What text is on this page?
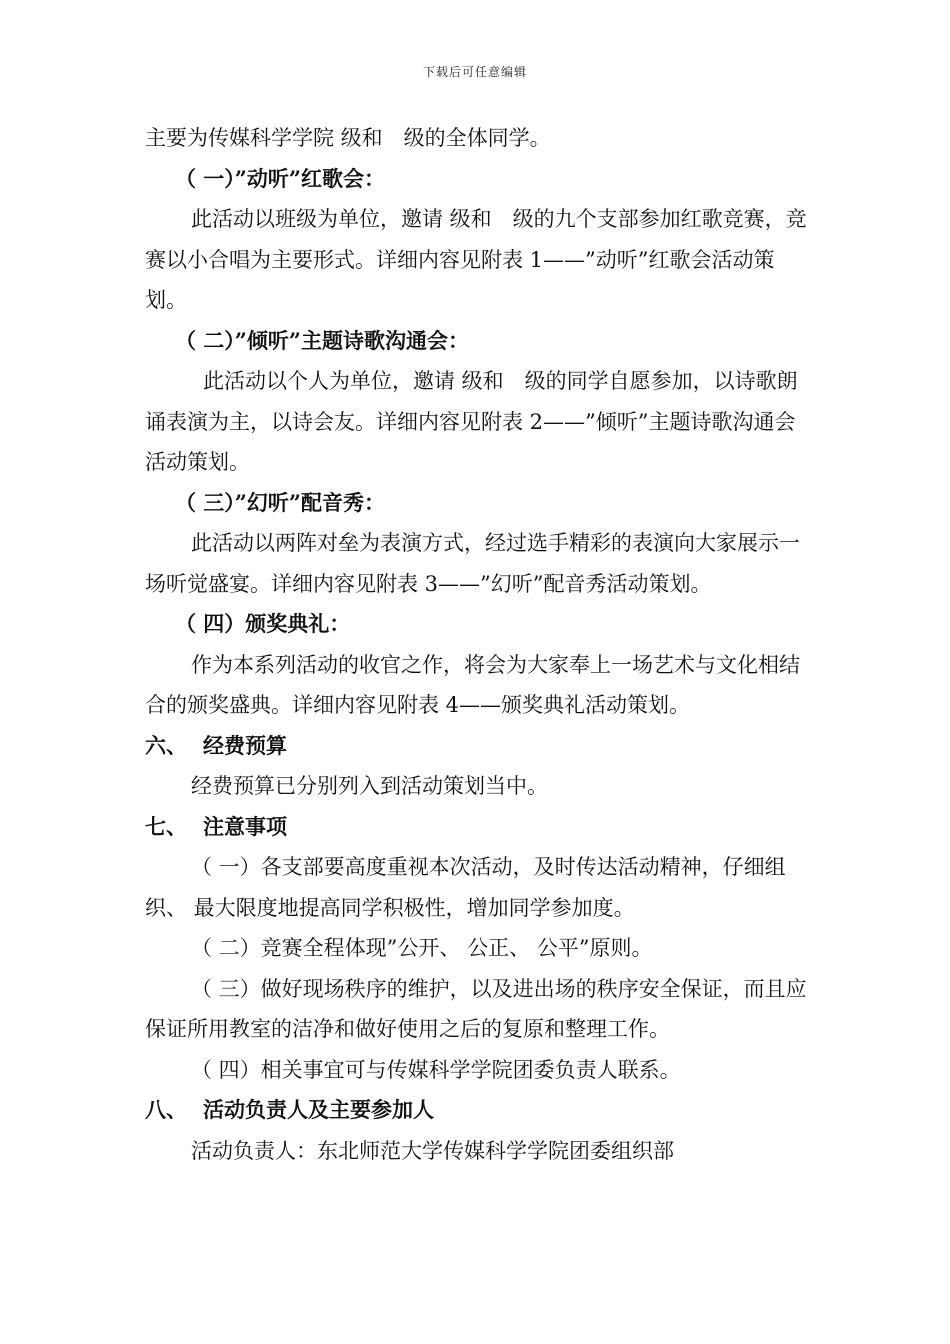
下载后可任意编辑

主要为传媒科学学院 级和　级的全体同学。

（ 一）”动听”红歌会：

此活动以班级为单位，邀请 级和　级的九个支部参加红歌竞赛，竞赛以小合唱为主要形式。详细内容见附表 1——”动听”红歌会活动策划。

（ 二）”倾听”主题诗歌沟通会：

此活动以个人为单位，邀请 级和　级的同学自愿参加，以诗歌朗诵表演为主，以诗会友。详细内容见附表 2——”倾听”主题诗歌沟通会活动策划。

（ 三）”幻听”配音秀：

此活动以两阵对垒为表演方式，经过选手精彩的表演向大家展示一场听觉盛宴。详细内容见附表 3——”幻听”配音秀活动策划。

（ 四）颁奖典礼：

作为本系列活动的收官之作，将会为大家奉上一场艺术与文化相结合的颁奖盛典。详细内容见附表 4——颁奖典礼活动策划。

六、 经费预算

经费预算已分别列入到活动策划当中。

七、 注意事项

（ 一）各支部要高度重视本次活动，及时传达活动精神，仔细组织、 最大限度地提高同学积极性，增加同学参加度。

（ 二）竞赛全程体现”公开、 公正、 公平”原则。

（ 三）做好现场秩序的维护，以及进出场的秩序安全保证，而且应保证所用教室的洁净和做好使用之后的复原和整理工作。

（ 四）相关事宜可与传媒科学学院团委负责人联系。

八、 活动负责人及主要参加人

活动负责人：东北师范大学传媒科学学院团委组织部
